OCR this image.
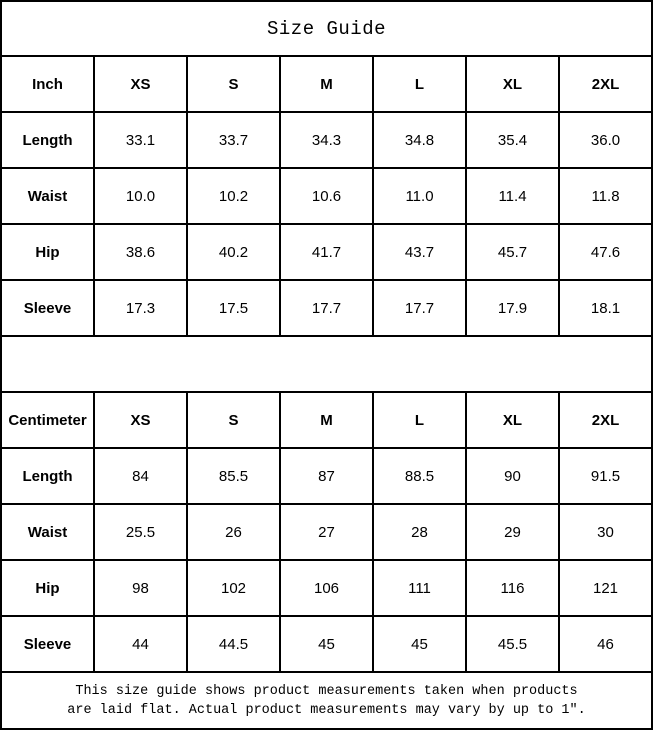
Size Guide						
Inch	XS	S	M	L	XL	2XL
Length	33.1	33.7	34.3	34.8	35.4	36.0
Waist	10.0	10.2	10.6	11.0	11.4	11.8
Hip	38.6	40.2	41.7	43.7	45.7	47.6
Sleeve	17.3	17.5	17.7	17.7	17.9	18.1

Centimeter	XS	S	M	L	XL	2XL
Length	84	85.5	87	88.5	90	91.5
Waist	25.5	26	27	28	29	30
Hip	98	102	106	111	116	121
Sleeve	44	44.5	45	45	45.5	46

This size guide shows product measurements taken when products
are laid flat. Actual product measurements may vary by up to 1″.						
